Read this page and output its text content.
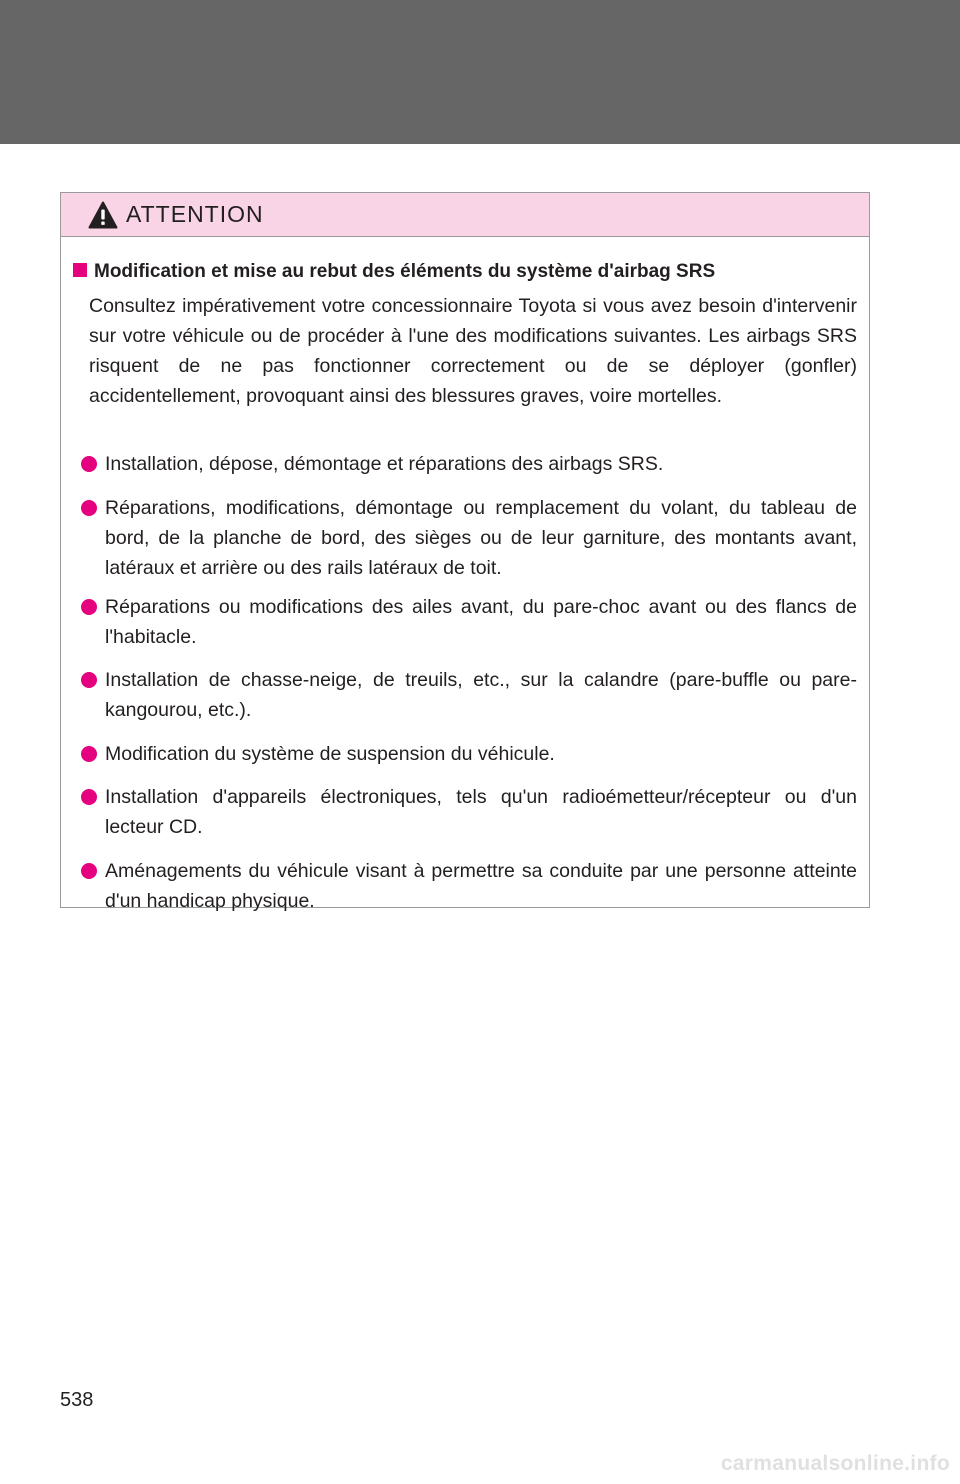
ATTENTION
Modification et mise au rebut des éléments du système d'airbag SRS
Consultez impérativement votre concessionnaire Toyota si vous avez besoin d'intervenir sur votre véhicule ou de procéder à l'une des modifications suivantes. Les airbags SRS risquent de ne pas fonctionner correctement ou de se déployer (gonfler) accidentellement, provoquant ainsi des blessures graves, voire mortelles.
Installation, dépose, démontage et réparations des airbags SRS.
Réparations, modifications, démontage ou remplacement du volant, du tableau de bord, de la planche de bord, des sièges ou de leur garniture, des montants avant, latéraux et arrière ou des rails latéraux de toit.
Réparations ou modifications des ailes avant, du pare-choc avant ou des flancs de l'habitacle.
Installation de chasse-neige, de treuils, etc., sur la calandre (pare-buffle ou pare-kangourou, etc.).
Modification du système de suspension du véhicule.
Installation d'appareils électroniques, tels qu'un radioémetteur/récepteur ou d'un lecteur CD.
Aménagements du véhicule visant à permettre sa conduite par une personne atteinte d'un handicap physique.
538
carmanualsonline.info
